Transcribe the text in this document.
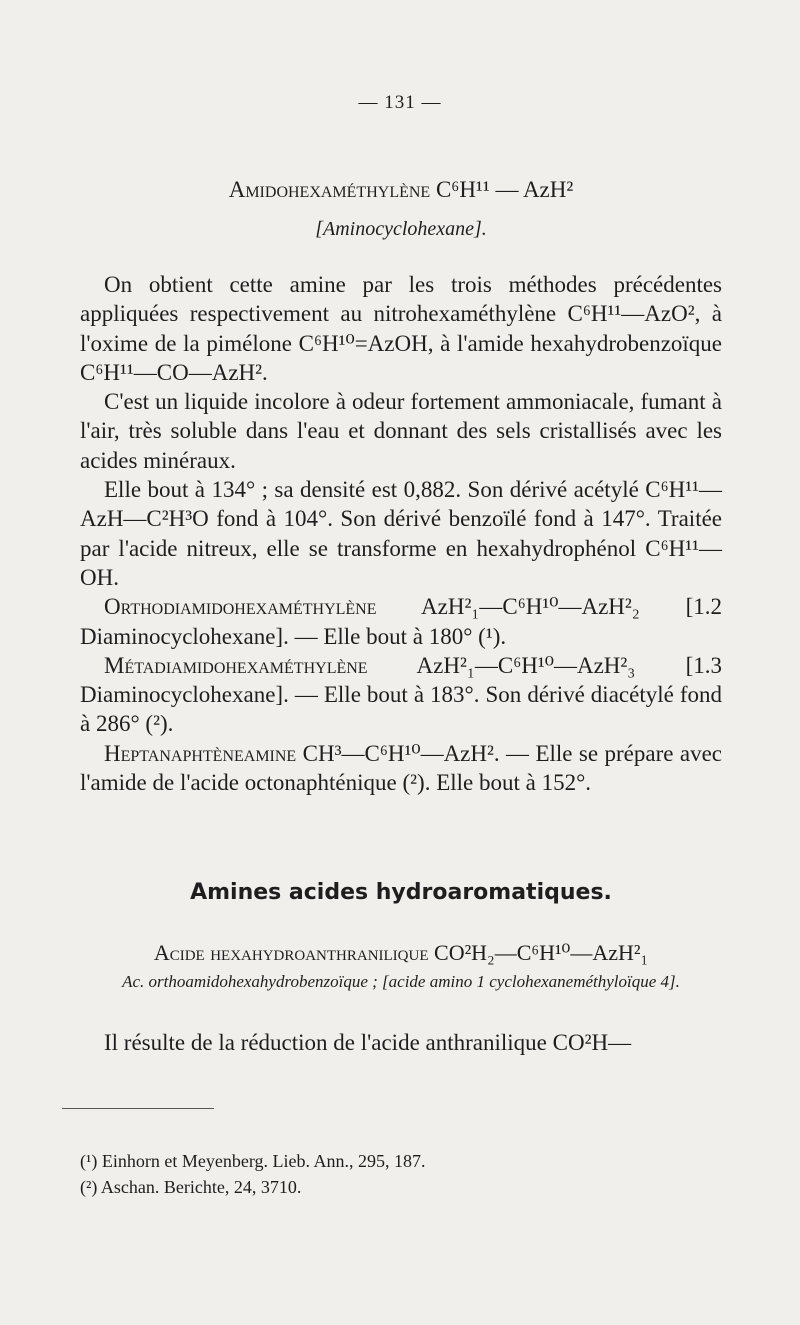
— 131 —
Amidohexaméthylène C⁶H¹¹ — AzH²
[Aminocyclohexane].

On obtient cette amine par les trois méthodes précédentes appliquées respectivement au nitrohexaméthylène C⁶H¹¹—AzO², à l'oxime de la pimélone C⁶H¹⁰=AzOH, à l'amide hexahydrobenzoïque C⁶H¹¹—CO—AzH².

C'est un liquide incolore à odeur fortement ammoniacale, fumant à l'air, très soluble dans l'eau et donnant des sels cristallisés avec les acides minéraux.

Elle bout à 134° ; sa densité est 0,882. Son dérivé acétylé C⁶H¹¹—AzH—C²H³O fond à 104°. Son dérivé benzoïlé fond à 147°. Traitée par l'acide nitreux, elle se transforme en hexahydrophénol C⁶H¹¹—OH.

Orthodiamidohexaméthylène AzH²₁—C⁶H¹⁰—AzH²₂ [1.2 Diaminocyclohexane]. — Elle bout à 180° (¹).

Métadiamidohexaméthylène AzH²₁—C⁶H¹⁰—AzH²₃ [1.3 Diaminocyclohexane]. — Elle bout à 183°. Son dérivé diacétylé fond à 286° (²).

Heptanaphtèneamine CH³—C⁶H¹⁰—AzH². — Elle se prépare avec l'amide de l'acide octonaphténique (²). Elle bout à 152°.

Amines acides hydroaromatiques.
Acide hexahydroanthranilique CO²H₂—C⁶H¹⁰—AzH²₁
Ac. orthoamidohexahydrobenzoïque ; [acide amino 1 cyclohexaneméthyloïque 4].
Il résulte de la réduction de l'acide anthranilique CO²H—
(¹) Einhorn et Meyenberg. Lieb. Ann., 295, 187.
(²) Aschan. Berichte, 24, 3710.
